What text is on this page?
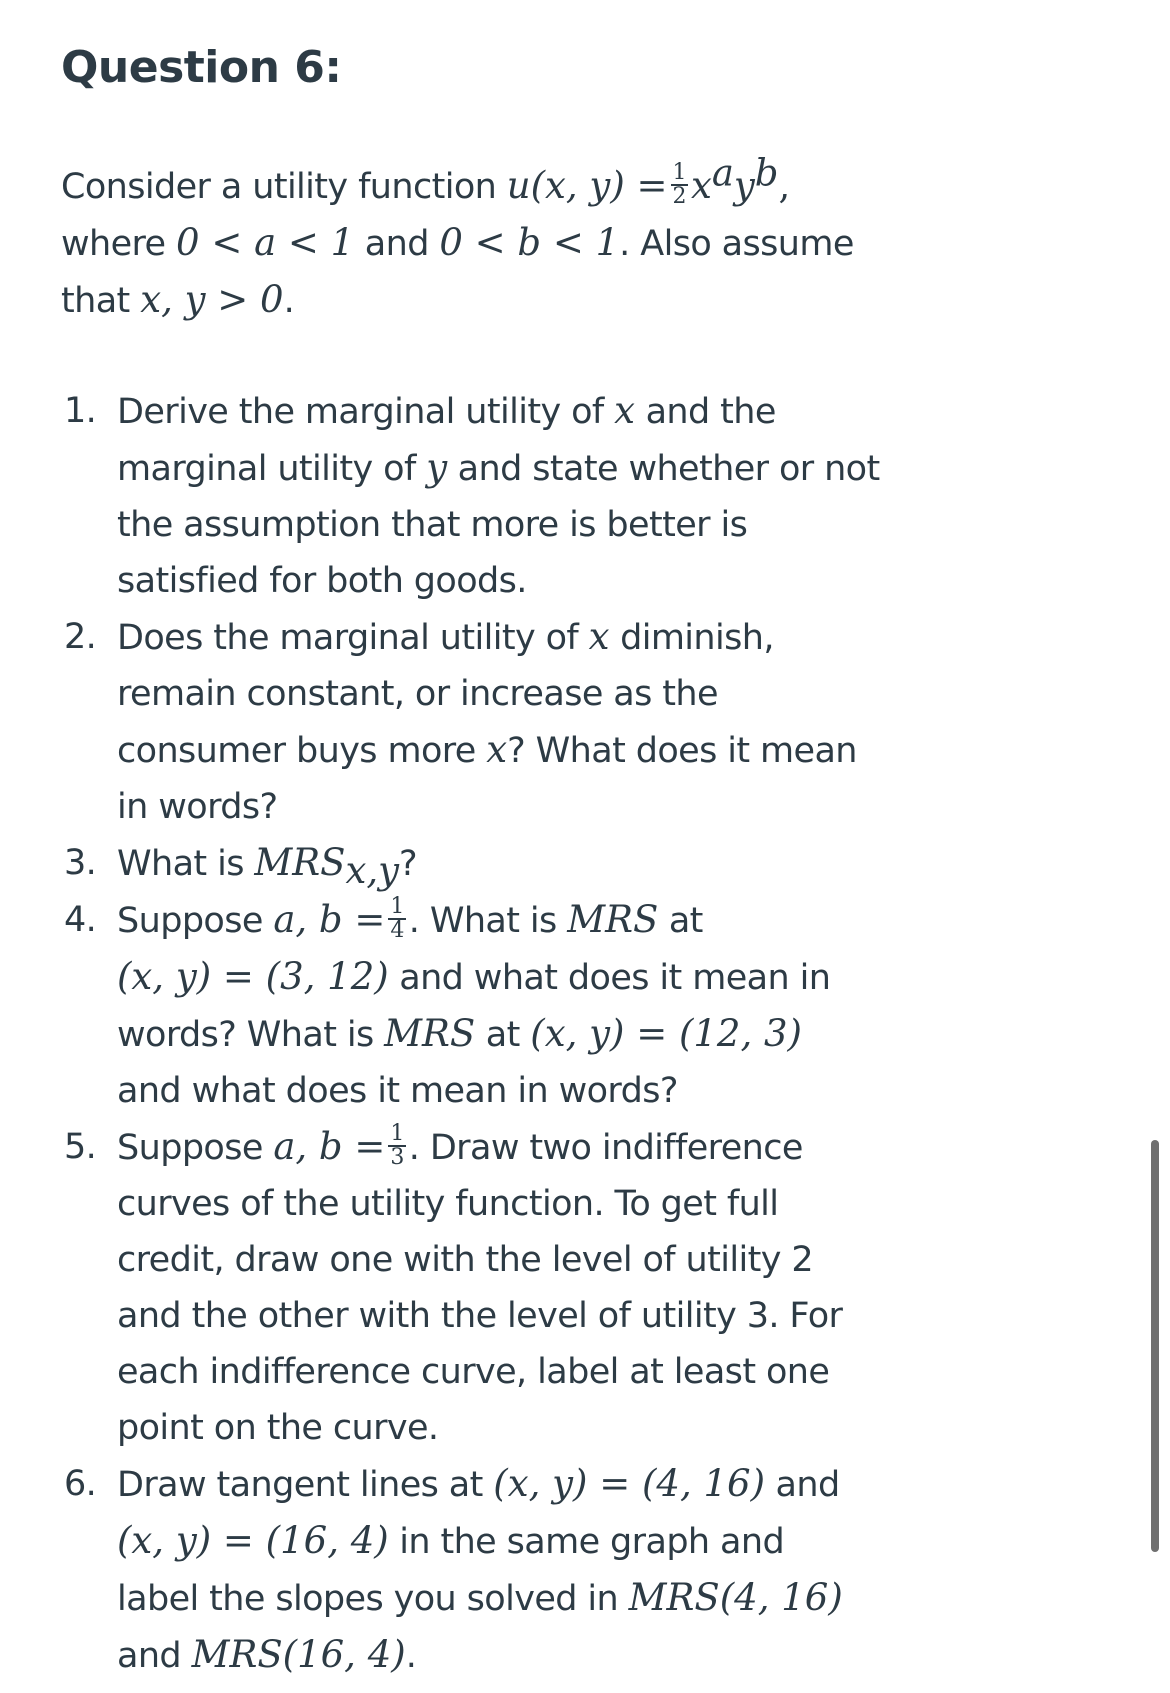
Question 6:

Consider a utility function u(x, $y) = \frac{1}{2} x^ay^b$,
where 0 < a < 1 and 0 < b < 1. Also assume
that x, y > 0.

1. Derive the marginal utility of x and the
marginal utility of y and state whether or not
the assumption that more is better is
satisfied for both goods.
2. Does the marginal utility of x diminish,
remain constant, or increase as the
consumer buys more x? What does it mean
in words?
3. What is $MRS_{x,y}$?
4. Suppose a, $b = \frac{1}{4}$ . What is MRS at
(x, y) = (3, 12) and what does it mean in
words? What is MRS at (x, y) = (12, 3)
and what does it mean in words?
5. Suppose a, $b = \frac{1}{3}$ . Draw two indifference
curves of the utility function. To get full
credit, draw one with the level of utility 2
and the other with the level of utility 3. For
each indifference curve, label at least one
point on the curve.
6. Draw tangent lines at (x, y) = (4, 16) and
(x, y) = (16, 4) in the same graph and
label the slopes you solved in MRS(4, 16)
and MRS(16, 4).
